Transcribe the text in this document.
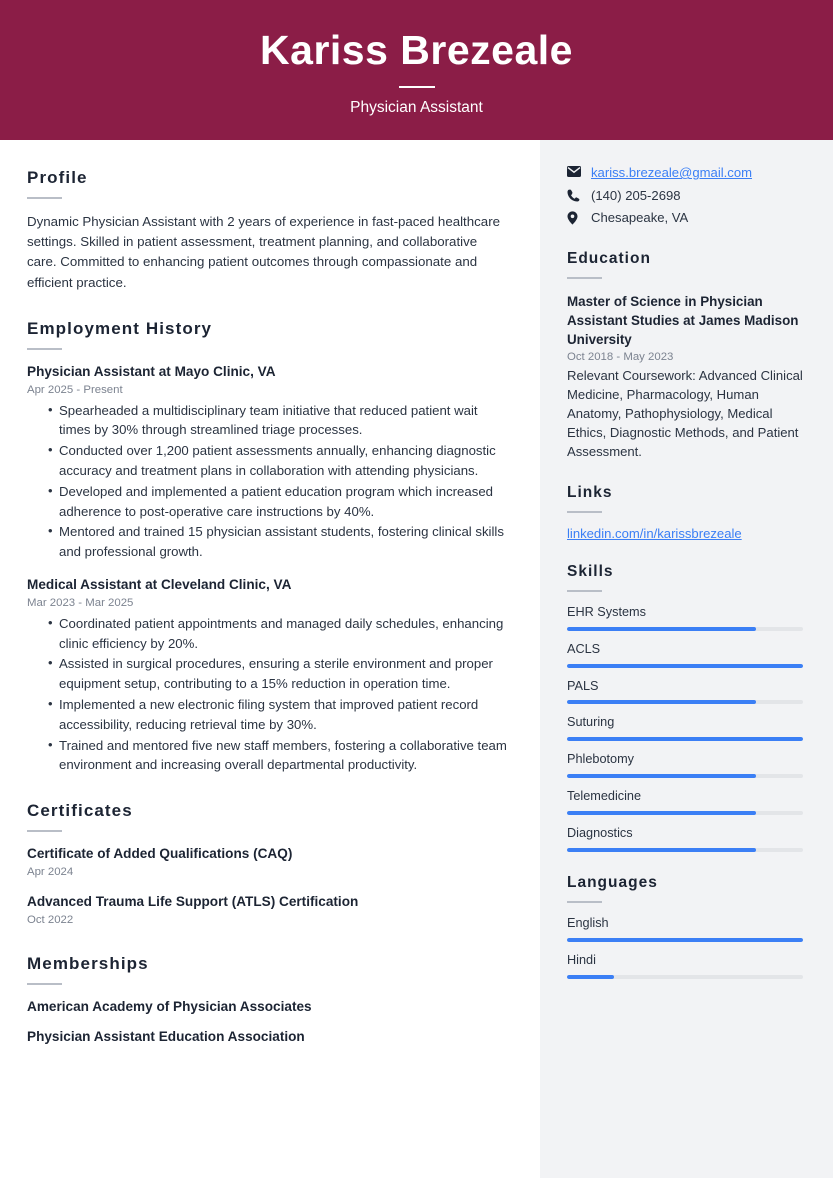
Kariss Brezeale
Physician Assistant
Profile

Dynamic Physician Assistant with 2 years of experience in fast-paced healthcare settings. Skilled in patient assessment, treatment planning, and collaborative care. Committed to enhancing patient outcomes through compassionate and efficient practice.

Employment History
Physician Assistant at Mayo Clinic, VA
Apr 2025 - Present
• Spearheaded a multidisciplinary team initiative that reduced patient wait times by 30% through streamlined triage processes.
• Conducted over 1,200 patient assessments annually, enhancing diagnostic accuracy and treatment plans in collaboration with attending physicians.
• Developed and implemented a patient education program which increased adherence to post-operative care instructions by 40%.
• Mentored and trained 15 physician assistant students, fostering clinical skills and professional growth.
Medical Assistant at Cleveland Clinic, VA
Mar 2023 - Mar 2025
• Coordinated patient appointments and managed daily schedules, enhancing clinic efficiency by 20%.
• Assisted in surgical procedures, ensuring a sterile environment and proper equipment setup, contributing to a 15% reduction in operation time.
• Implemented a new electronic filing system that improved patient record accessibility, reducing retrieval time by 30%.
• Trained and mentored five new staff members, fostering a collaborative team environment and increasing overall departmental productivity.
Certificates
Certificate of Added Qualifications (CAQ)
Apr 2024
Advanced Trauma Life Support (ATLS) Certification
Oct 2022
Memberships
American Academy of Physician Associates
Physician Assistant Education Association
kariss.brezeale@gmail.com
(140) 205-2698
Chesapeake, VA
Education
Master of Science in Physician Assistant Studies at James Madison University
Oct 2018 - May 2023

Relevant Coursework: Advanced Clinical Medicine, Pharmacology, Human Anatomy, Pathophysiology, Medical Ethics, Diagnostic Methods, and Patient Assessment.

Links
linkedin.com/in/karissbrezeale
Skills
EHR Systems
ACLS
PALS
Suturing
Phlebotomy
Telemedicine
Diagnostics
Languages
English
Hindi
